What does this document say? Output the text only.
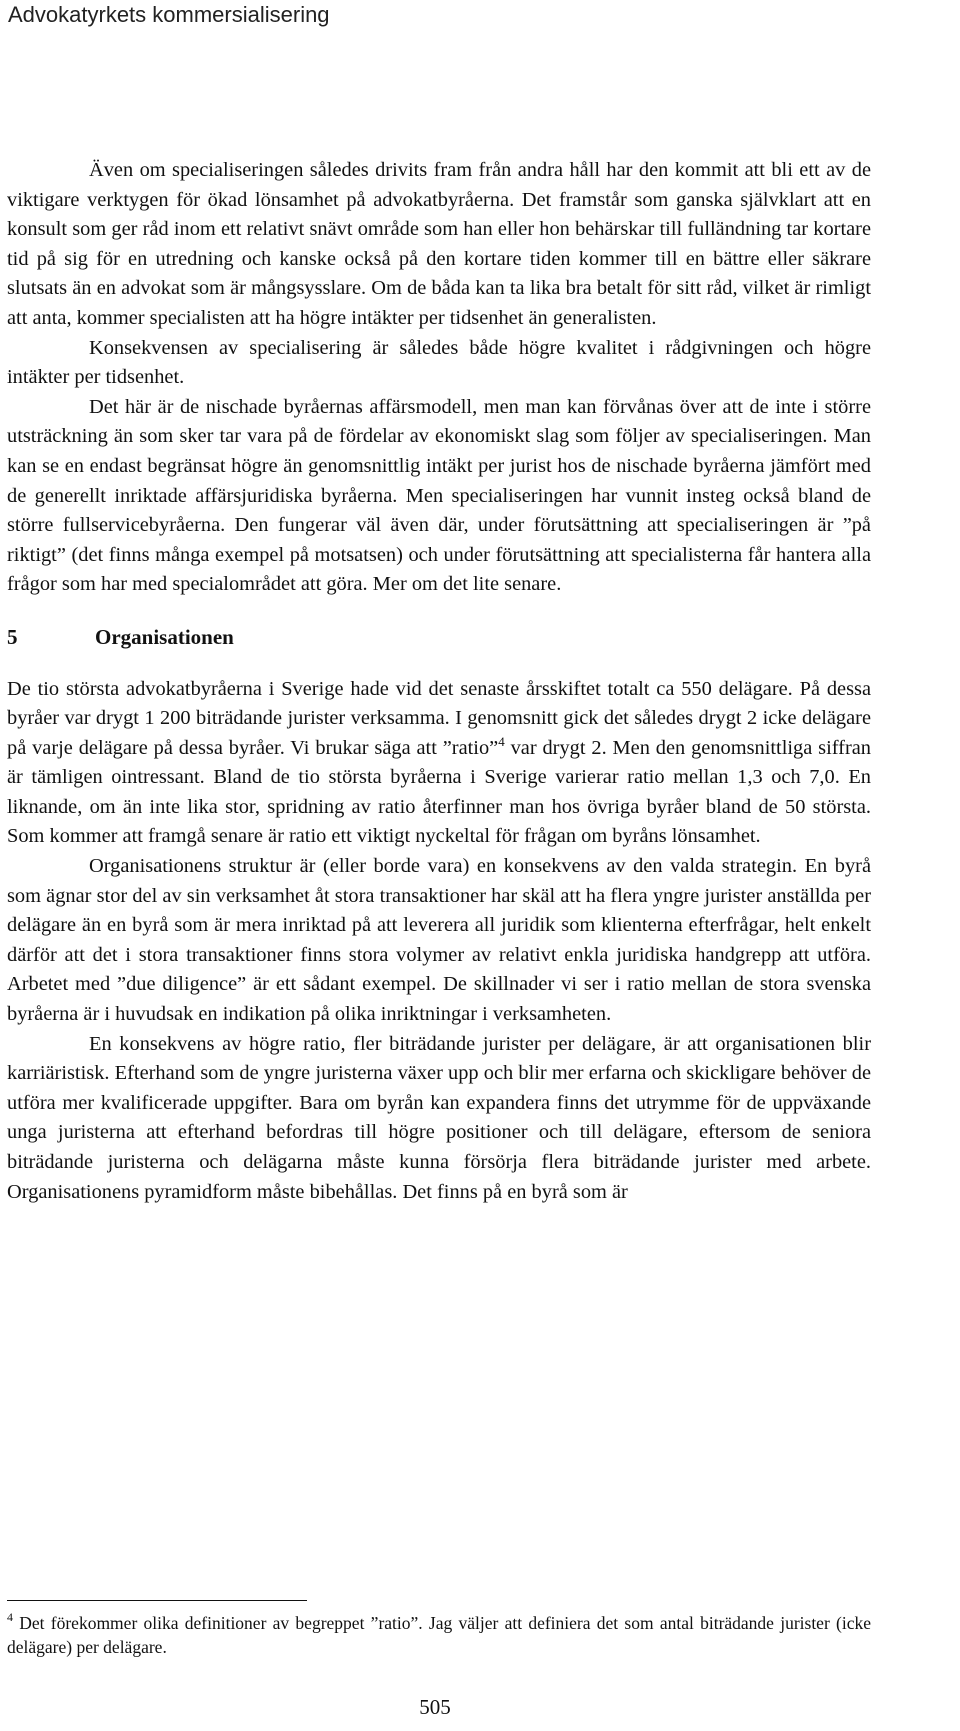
Advokatyrkets kommersialisering

Även om specialiseringen således drivits fram från andra håll har den kommit att bli ett av de viktigare verktygen för ökad lönsamhet på advokatbyråerna. Det framstår som ganska självklart att en konsult som ger råd inom ett relativt snävt område som han eller hon behärskar till fulländning tar kortare tid på sig för en utredning och kanske också på den kortare tiden kommer till en bättre eller säkrare slutsats än en advokat som är mångsysslare. Om de båda kan ta lika bra betalt för sitt råd, vilket är rimligt att anta, kommer specialisten att ha högre intäkter per tidsenhet än generalisten.

Konsekvensen av specialisering är således både högre kvalitet i rådgivningen och högre intäkter per tidsenhet.

Det här är de nischade byråernas affärsmodell, men man kan förvånas över att de inte i större utsträckning än som sker tar vara på de fördelar av ekonomiskt slag som följer av specialiseringen. Man kan se en endast begränsat högre än genomsnittlig intäkt per jurist hos de nischade byråerna jämfört med de generellt inriktade affärsjuridiska byråerna. Men specialiseringen har vunnit insteg också bland de större fullservicebyråerna. Den fungerar väl även där, under förutsättning att specialiseringen är ”på riktigt” (det finns många exempel på motsatsen) och under förutsättning att specialisterna får hantera alla frågor som har med specialområdet att göra. Mer om det lite senare.

5	Organisationen

De tio största advokatbyråerna i Sverige hade vid det senaste årsskiftet totalt ca 550 delägare. På dessa byråer var drygt 1 200 biträdande jurister verksamma. I genomsnitt gick det således drygt 2 icke delägare på varje delägare på dessa byråer. Vi brukar säga att ”ratio”$^4$ var drygt 2. Men den genomsnittliga siffran är tämligen ointressant. Bland de tio största byråerna i Sverige varierar ratio mellan 1,3 och 7,0. En liknande, om än inte lika stor, spridning av ratio återfinner man hos övriga byråer bland de 50 största. Som kommer att framgå senare är ratio ett viktigt nyckeltal för frågan om byråns lönsamhet.

Organisationens struktur är (eller borde vara) en konsekvens av den valda strategin. En byrå som ägnar stor del av sin verksamhet åt stora transaktioner har skäl att ha flera yngre jurister anställda per delägare än en byrå som är mera inriktad på att leverera all juridik som klienterna efterfrågar, helt enkelt därför att det i stora transaktioner finns stora volymer av relativt enkla juridiska handgrepp att utföra. Arbetet med ”due diligence” är ett sådant exempel. De skillnader vi ser i ratio mellan de stora svenska byråerna är i huvudsak en indikation på olika inriktningar i verksamheten.

En konsekvens av högre ratio, fler biträdande jurister per delägare, är att organisationen blir karriäristisk. Efterhand som de yngre juristerna växer upp och blir mer erfarna och skickligare behöver de utföra mer kvalificerade uppgifter. Bara om byrån kan expandera finns det utrymme för de uppväxande unga juristerna att efterhand befordras till högre positioner och till delägare, eftersom de seniora biträdande juristerna och delägarna måste kunna försörja flera biträdande jurister med arbete. Organisationens pyramidform måste bibehållas. Det finns på en byrå som är

$^4$ Det förekommer olika definitioner av begreppet ”ratio”. Jag väljer att definiera det som antal biträdande jurister (icke delägare) per delägare.
505
